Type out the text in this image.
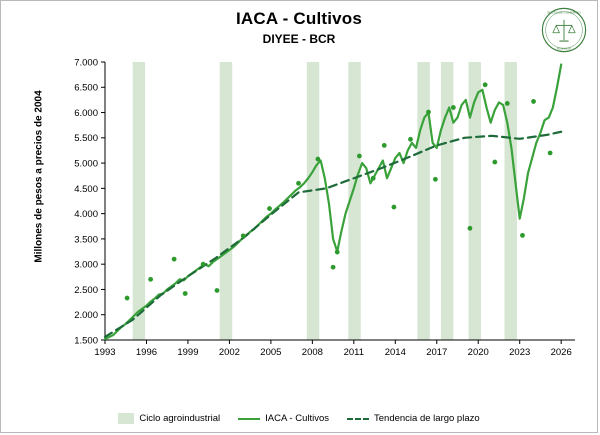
IACA - Cultivos
DIYEE - BCR
BOLSA DE COMERCIO
ROSARIO
Millones de pesos a precios de 2004
1.500
2.000
2.500
3.000
3.500
4.000
4.500
5.000
5.500
6.000
6.500
7.000
1993 1996 1999 2002 2005 2008 2011 2014 2017 2020 2023 2026
Ciclo agroindustrial	IACA - Cultivos	Tendencia de largo plazo
